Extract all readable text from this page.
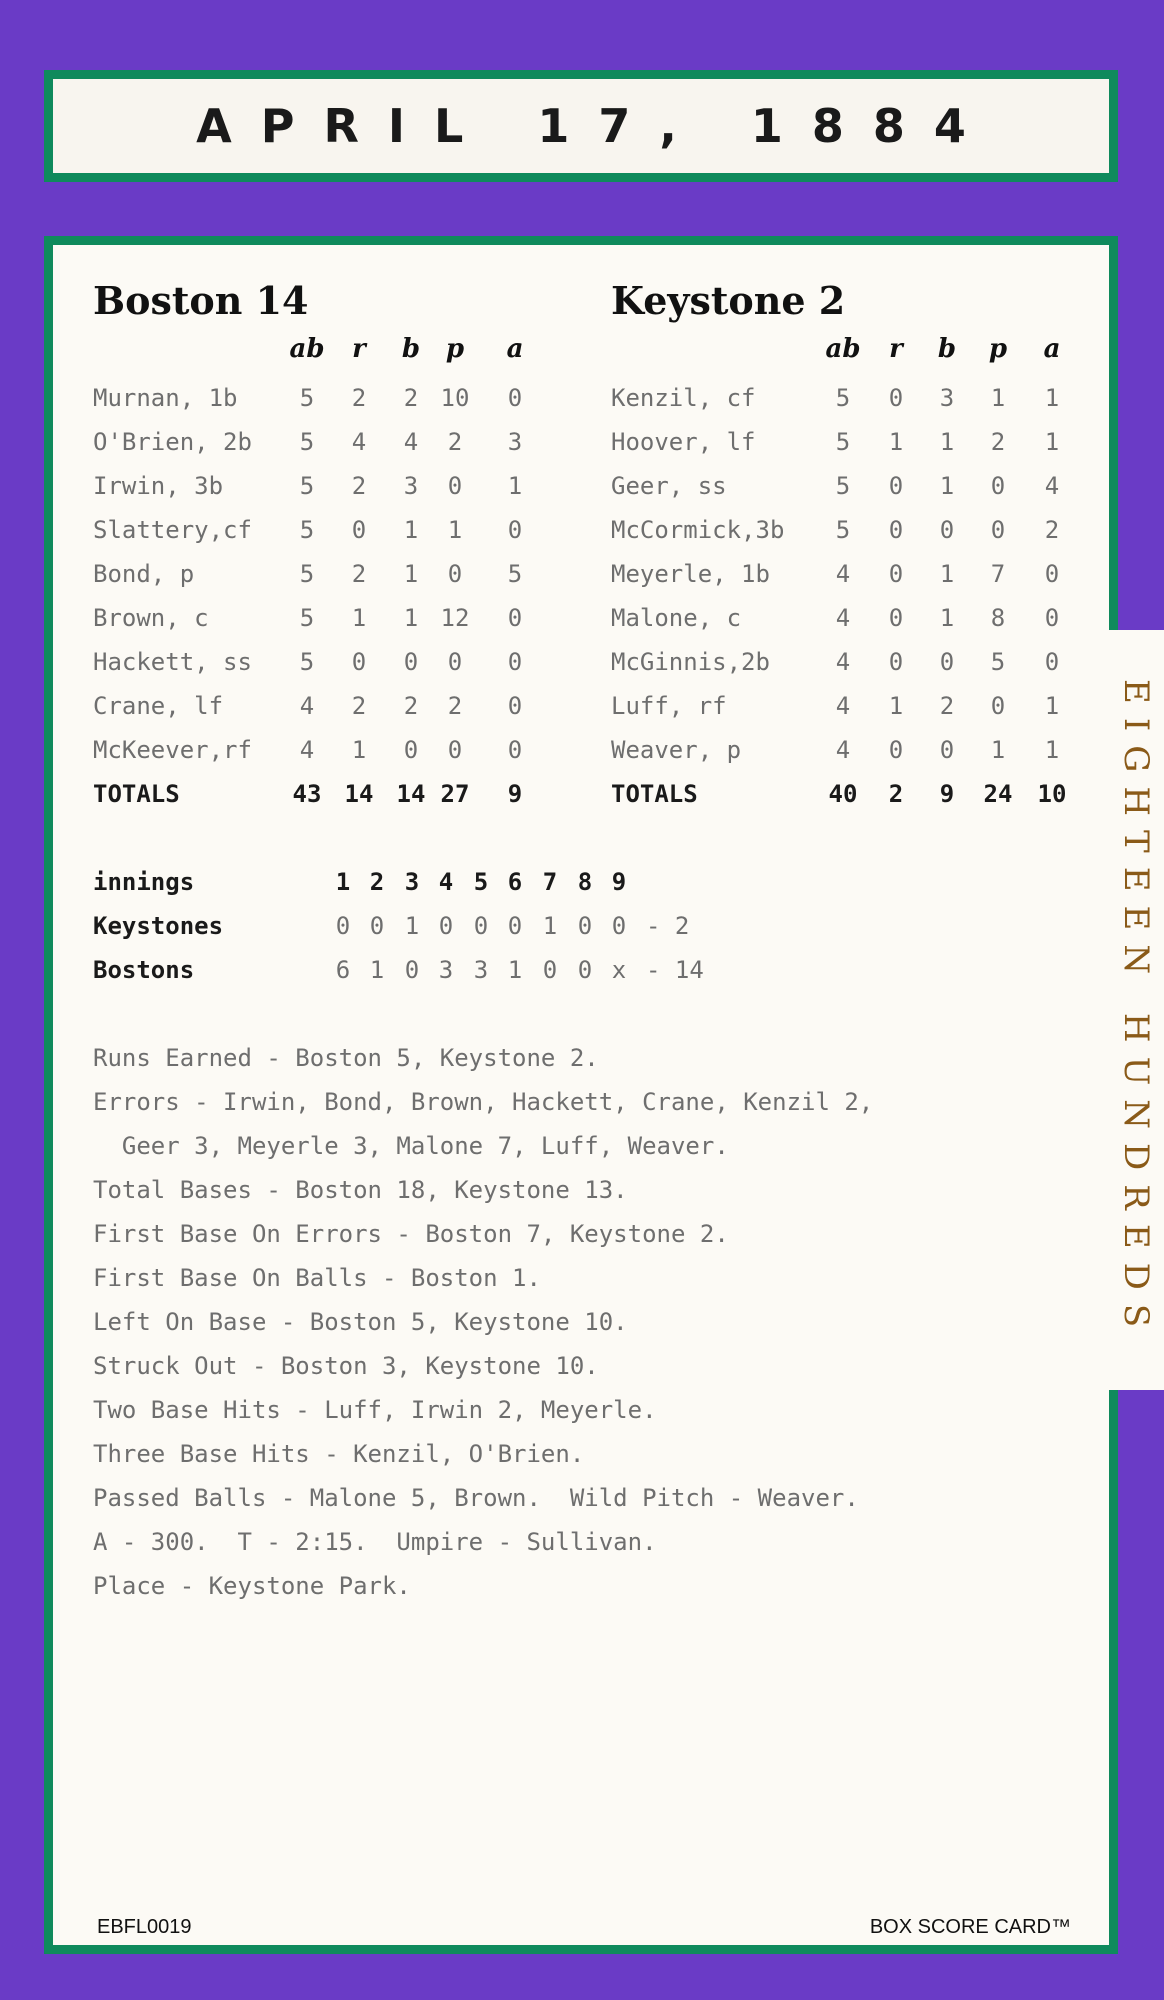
APRIL 17, 1884
EIGHTEEN HUNDREDS
Boston 14	Keystone 2
ab	r	b p	a
Murnan, 1b	5	2	2 10	0
O'Brien, 2b	5	4	4	2	3
Irwin, 3b	5	2	3	0	1
Slattery,cf	5	0	1	1	0
Bond, p	5	2	1	0	5
Brown, c	5	1	1 12	0
Hackett, ss	5	0	0	0	0
Crane, lf	4	2	2	2	0
McKeever,rf	4	1	0	0	0
TOTALS	43 14 14 27	9
ab	r	b	p	a
Kenzil, cf	5	0	3	1	1
Hoover, lf	5	1	1	2	1
Geer, ss	5	0	1	0	4
McCormick,3b	5	0	0	0	2
Meyerle, 1b	4	0	1	7	0
Malone, c	4	0	1	8	0
McGinnis,2b	4	0	0	5	0
Luff, rf	4	1	2	0	1
Weaver, p	4	0	0	1	1
TOTALS	40	2	9	24	10
innings	1 2 3 4 5 6 7 8 9
Keystones	0 0 1 0 0 0 1 0 0 - 2
Bostons	6 1 0 3 3 1 0 0 x - 14
Runs Earned - Boston 5, Keystone 2.
Errors - Irwin, Bond, Brown, Hackett, Crane, Kenzil 2,
Geer 3, Meyerle 3, Malone 7, Luff, Weaver.
Total Bases - Boston 18, Keystone 13.
First Base On Errors - Boston 7, Keystone 2.
First Base On Balls - Boston 1.
Left On Base - Boston 5, Keystone 10.
Struck Out - Boston 3, Keystone 10.
Two Base Hits - Luff, Irwin 2, Meyerle.
Three Base Hits - Kenzil, O'Brien.
Passed Balls - Malone 5, Brown.  Wild Pitch - Weaver.
A - 300.  T - 2:15.  Umpire - Sullivan.
Place - Keystone Park.
EBFL0019	BOX SCORE CARD™
